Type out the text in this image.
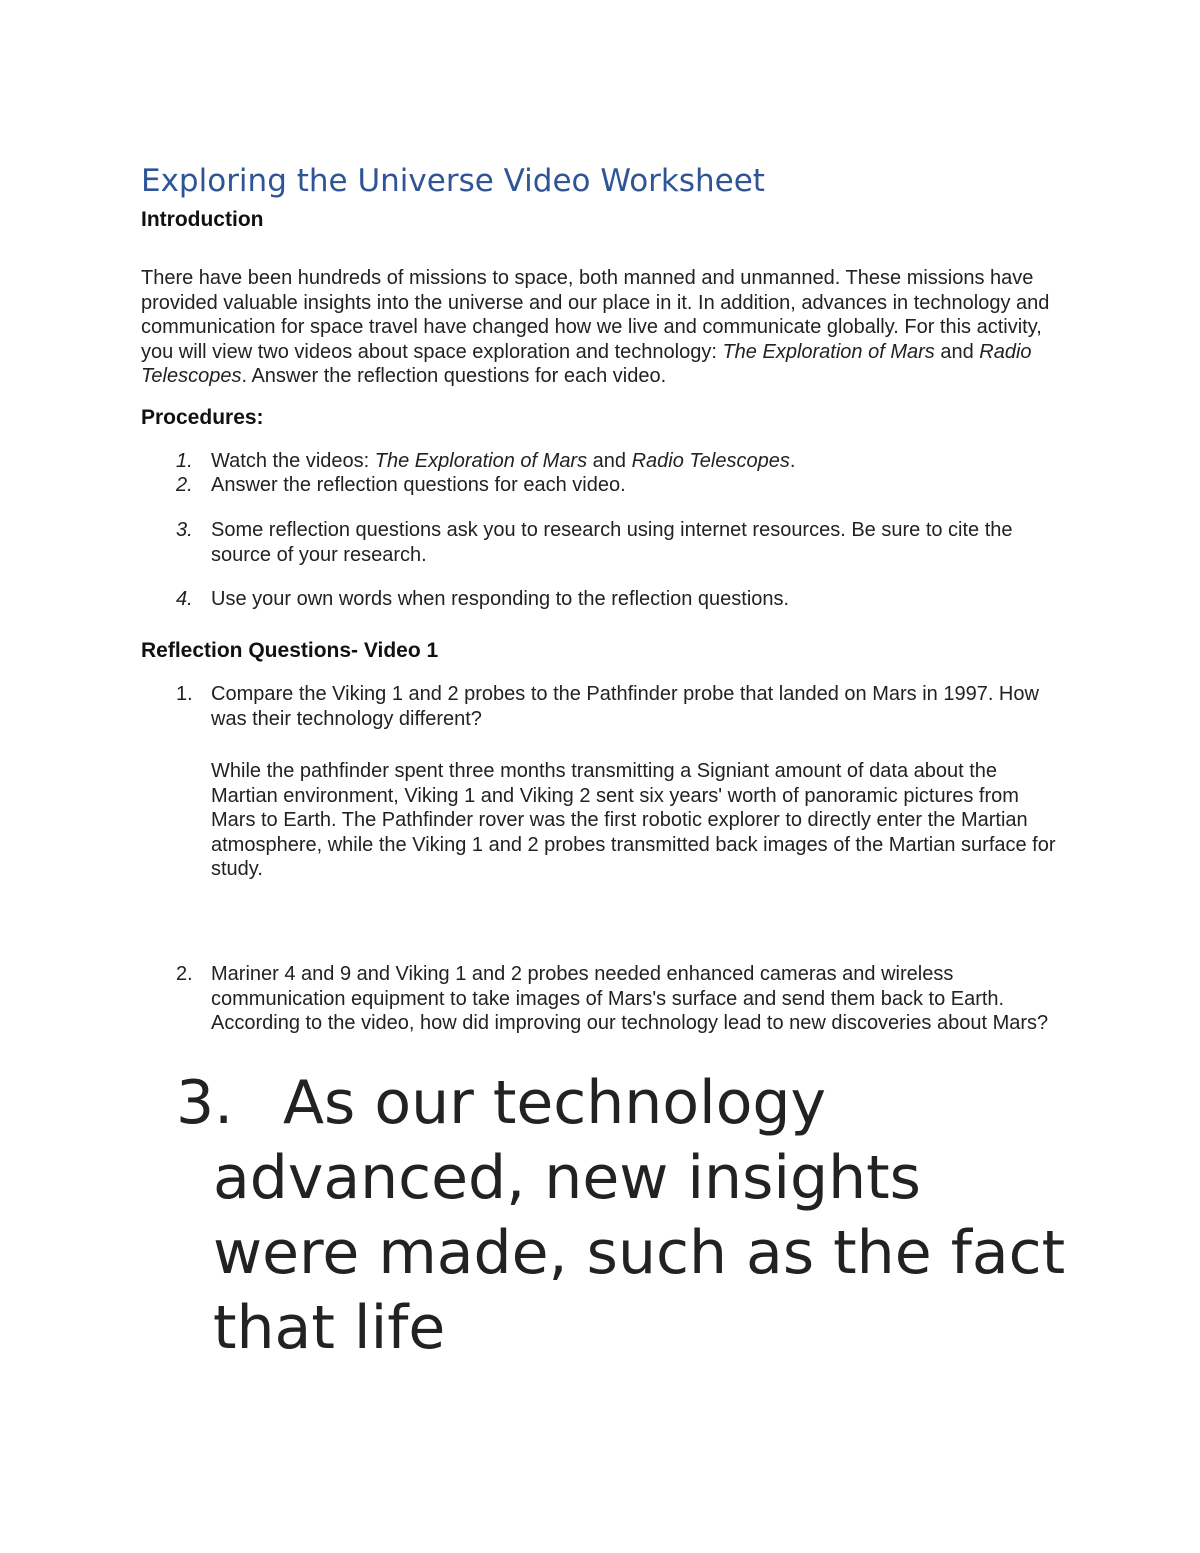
Exploring the Universe Video Worksheet
Introduction

There have been hundreds of missions to space, both manned and unmanned. These missions have provided valuable insights into the universe and our place in it. In addition, advances in technology and communication for space travel have changed how we live and communicate globally. For this activity, you will view two videos about space exploration and technology: The Exploration of Mars and Radio Telescopes. Answer the reflection questions for each video.

Procedures:
1. Watch the videos: The Exploration of Mars and Radio Telescopes.
2. Answer the reflection questions for each video.
3. Some reflection questions ask you to research using internet resources. Be sure to cite the source of your research.
4. Use your own words when responding to the reflection questions.
Reflection Questions- Video 1
1. Compare the Viking 1 and 2 probes to the Pathfinder probe that landed on Mars in 1997. How was their technology different?

While the pathfinder spent three months transmitting a Signiant amount of data about the Martian environment, Viking 1 and Viking 2 sent six years' worth of panoramic pictures from Mars to Earth. The Pathfinder rover was the first robotic explorer to directly enter the Martian atmosphere, while the Viking 1 and 2 probes transmitted back images of the Martian surface for study.

2. Mariner 4 and 9 and Viking 1 and 2 probes needed enhanced cameras and wireless communication equipment to take images of Mars's surface and send them back to Earth. According to the video, how did improving our technology lead to new discoveries about Mars?
3. As our technology advanced, new insights were made, such as the fact that life
